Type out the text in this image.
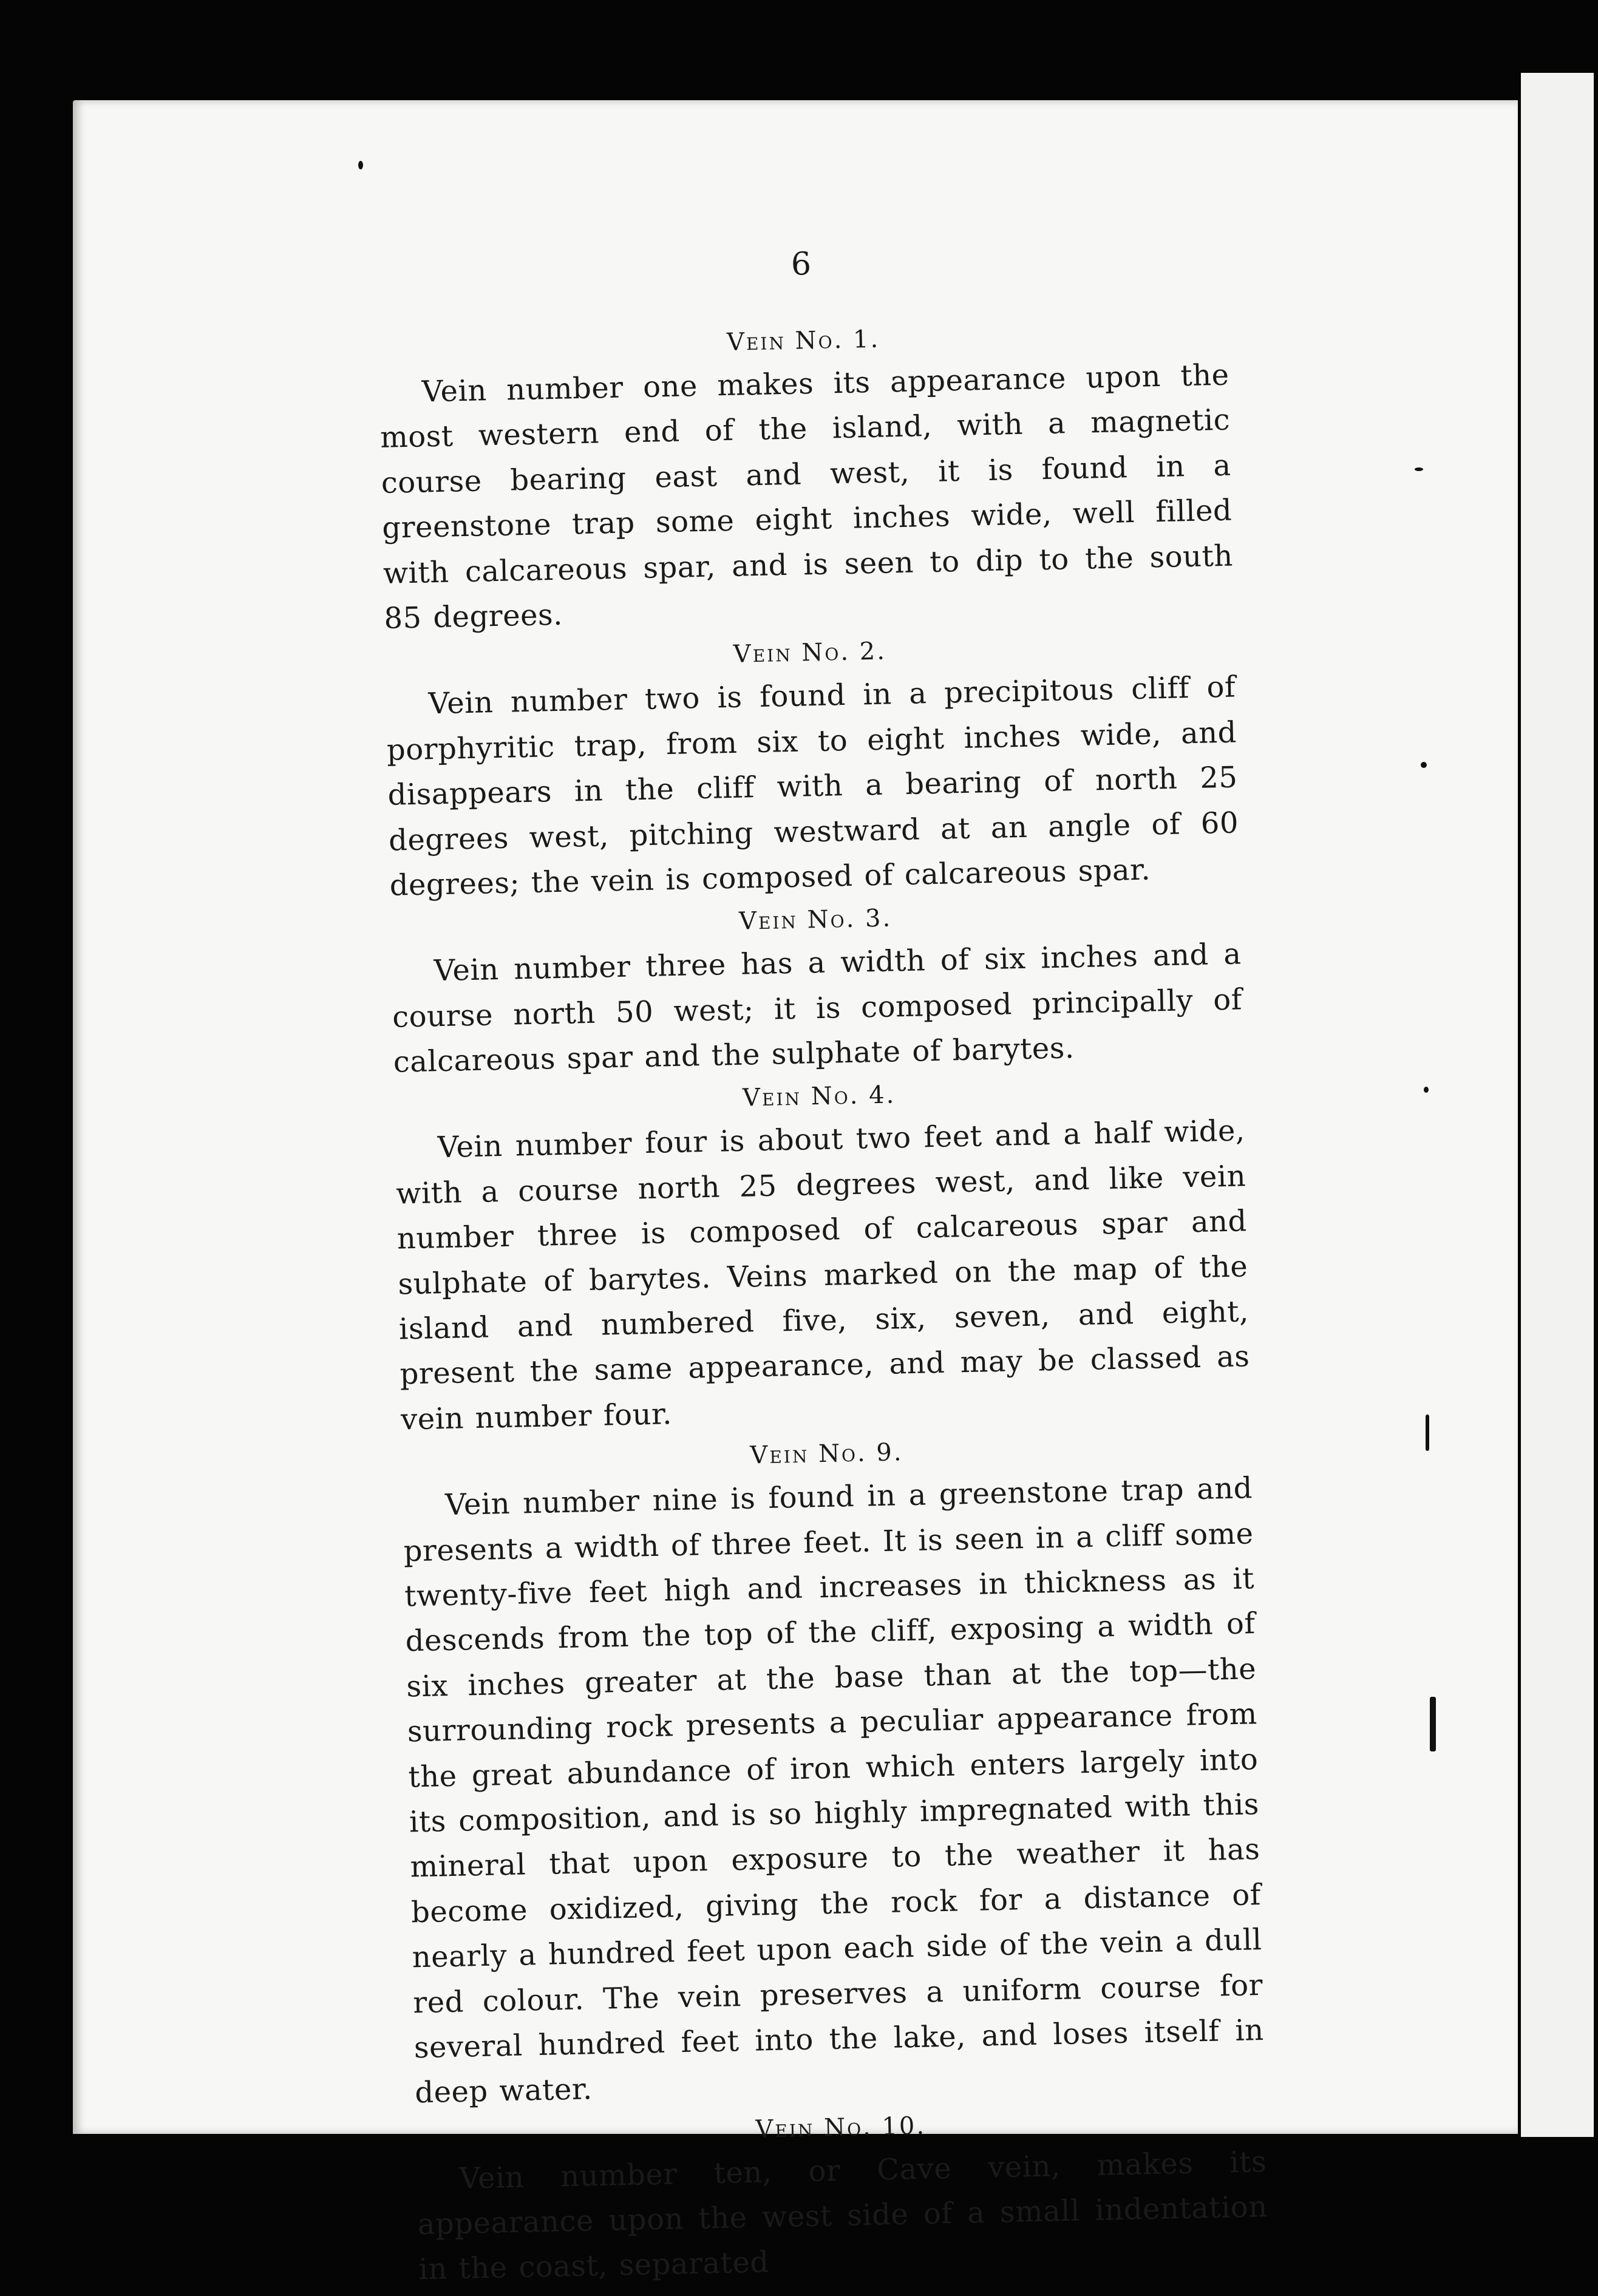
6
Vein No. 1.

Vein number one makes its appearance upon the most western end of the island, with a magnetic course bearing east and west, it is found in a greenstone trap some eight inches wide, well filled with calcareous spar, and is seen to dip to the south 85 degrees.

Vein No. 2.

Vein number two is found in a precipitous cliff of porphyritic trap, from six to eight inches wide, and disappears in the cliff with a bearing of north 25 degrees west, pitching westward at an angle of 60 degrees; the vein is composed of calcareous spar.

Vein No. 3.

Vein number three has a width of six inches and a course north 50 west; it is composed principally of calcareous spar and the sulphate of barytes.

Vein No. 4.

Vein number four is about two feet and a half wide, with a course north 25 degrees west, and like vein number three is composed of calcareous spar and sulphate of barytes. Veins marked on the map of the island and numbered five, six, seven, and eight, present the same appearance, and may be classed as vein number four.

Vein No. 9.

Vein number nine is found in a greenstone trap and presents a width of three feet. It is seen in a cliff some twenty-five feet high and increases in thickness as it descends from the top of the cliff, exposing a width of six inches greater at the base than at the top—the surrounding rock presents a peculiar appearance from the great abundance of iron which enters largely into its composition, and is so highly impregnated with this mineral that upon exposure to the weather it has become oxidized, giving the rock for a distance of nearly a hundred feet upon each side of the vein a dull red colour. The vein preserves a uniform course for several hundred feet into the lake, and loses itself in deep water.

Vein No. 10.

Vein number ten, or Cave vein, makes its appearance upon the west side of a small indentation in the coast, separated
